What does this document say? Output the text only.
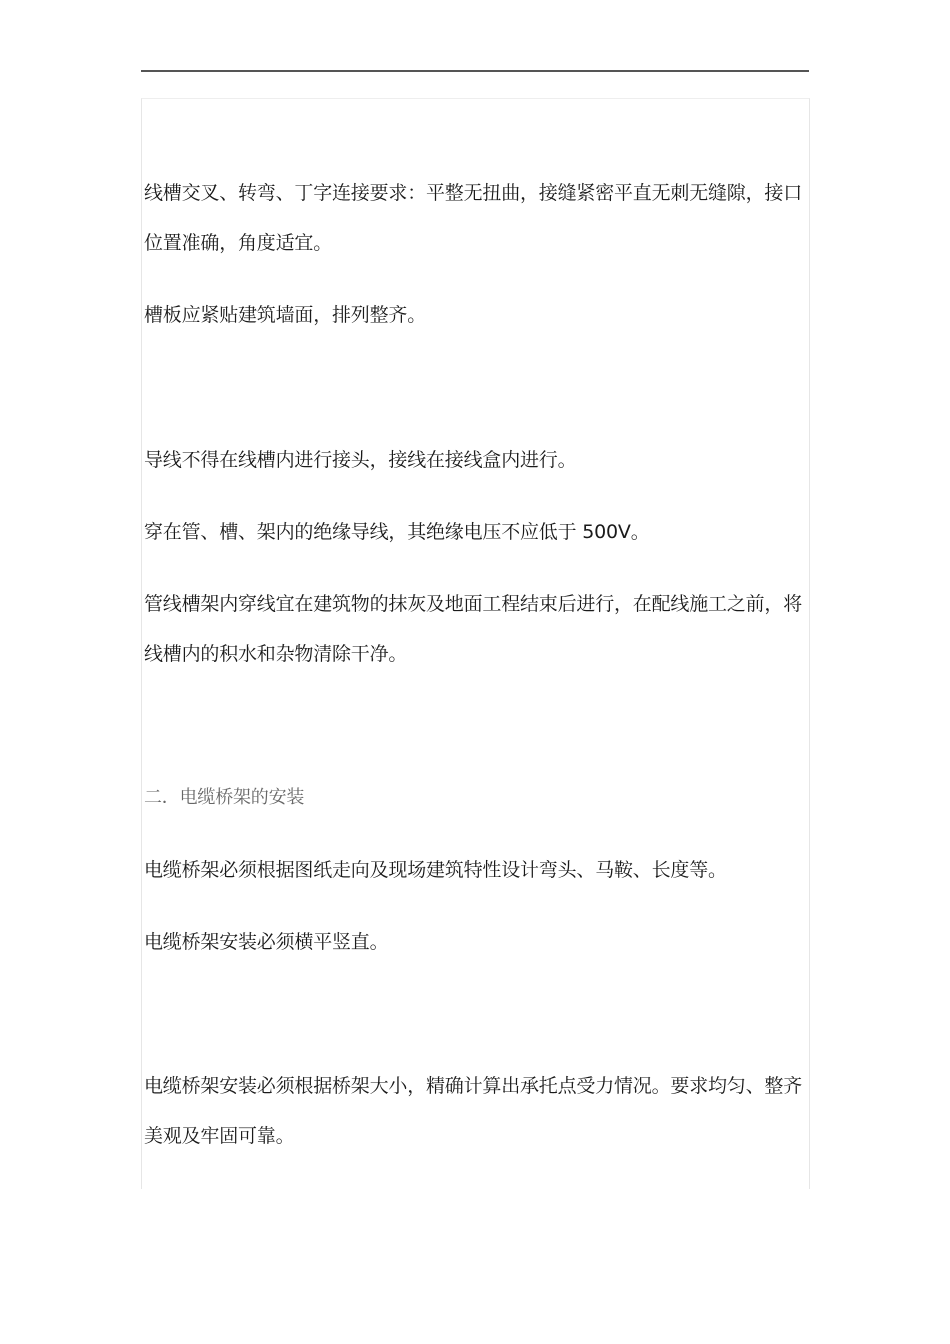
线槽交叉、转弯、丁字连接要求：平整无扭曲，接缝紧密平直无刺无缝隙，接口
位置准确，角度适宜。

槽板应紧贴建筑墙面，排列整齐。

导线不得在线槽内进行接头，接线在接线盒内进行。

穿在管、槽、架内的绝缘导线，其绝缘电压不应低于 500V。

管线槽架内穿线宜在建筑物的抹灰及地面工程结束后进行，在配线施工之前，将
线槽内的积水和杂物清除干净。

二．电缆桥架的安装

电缆桥架必须根据图纸走向及现场建筑特性设计弯头、马鞍、长度等。

电缆桥架安装必须横平竖直。

电缆桥架安装必须根据桥架大小，精确计算出承托点受力情况。要求均匀、整齐
美观及牢固可靠。
